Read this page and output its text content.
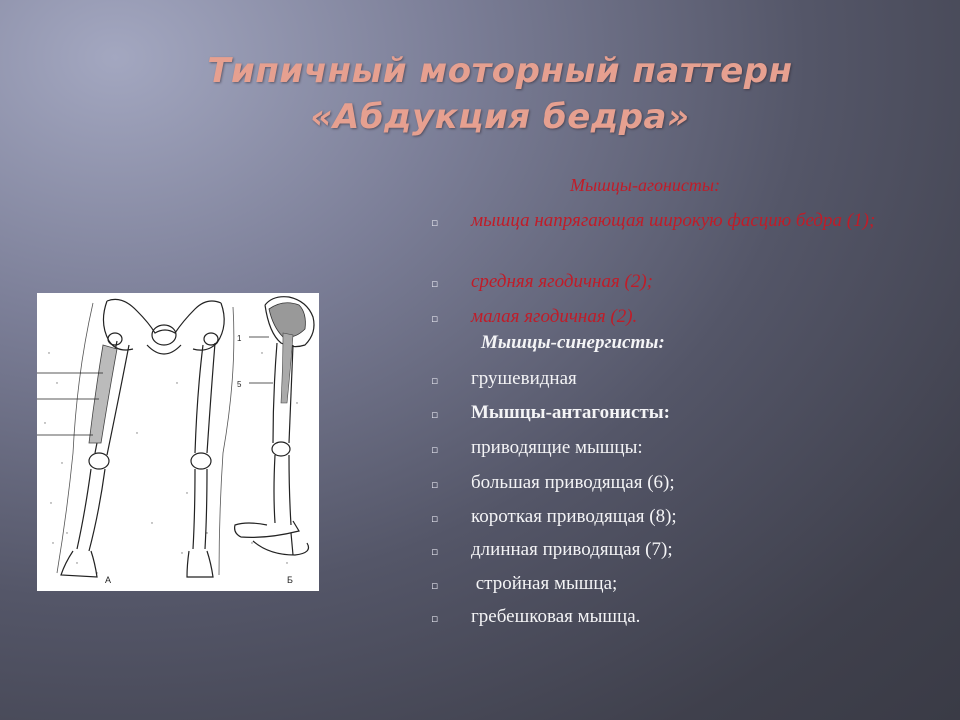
Типичный моторный паттерн
«Абдукция бедра»
А
1
5
Б
Мышцы-агонисты:
▫ мышца напрягающая широкую фасцию бедра (1);
▫ средняя ягодичная (2);
▫ малая ягодичная (2).
Мышцы-синергисты:
▫ грушевидная
▫ Мышцы-антагонисты:
▫ приводящие мышцы:
▫ большая приводящая (6);
▫ короткая приводящая (8);
▫ длинная приводящая (7);
▫ стройная мышца;
▫ гребешковая мышца.
